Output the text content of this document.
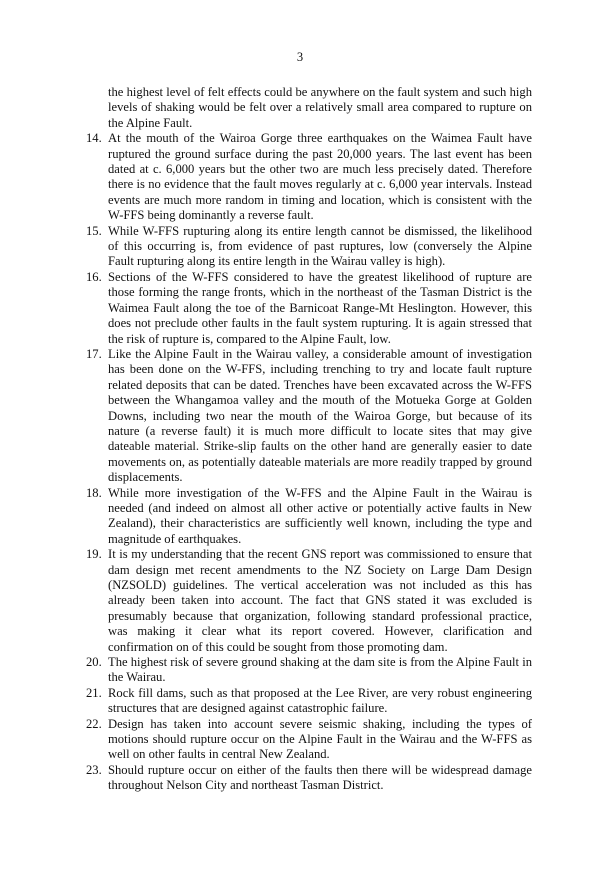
3

the highest level of felt effects could be anywhere on the fault system and such high levels of shaking would be felt over a relatively small area compared to rupture on the Alpine Fault.

14. At the mouth of the Wairoa Gorge three earthquakes on the Waimea Fault have ruptured the ground surface during the past 20,000 years. The last event has been dated at c. 6,000 years but the other two are much less precisely dated. Therefore there is no evidence that the fault moves regularly at c. 6,000 year intervals. Instead events are much more random in timing and location, which is consistent with the W-FFS being dominantly a reverse fault.
15. While W-FFS rupturing along its entire length cannot be dismissed, the likelihood of this occurring is, from evidence of past ruptures, low (conversely the Alpine Fault rupturing along its entire length in the Wairau valley is high).
16. Sections of the W-FFS considered to have the greatest likelihood of rupture are those forming the range fronts, which in the northeast of the Tasman District is the Waimea Fault along the toe of the Barnicoat Range-Mt Heslington. However, this does not preclude other faults in the fault system rupturing. It is again stressed that the risk of rupture is, compared to the Alpine Fault, low.
17. Like the Alpine Fault in the Wairau valley, a considerable amount of investigation has been done on the W-FFS, including trenching to try and locate fault rupture related deposits that can be dated. Trenches have been excavated across the W-FFS between the Whangamoa valley and the mouth of the Motueka Gorge at Golden Downs, including two near the mouth of the Wairoa Gorge, but because of its nature (a reverse fault) it is much more difficult to locate sites that may give dateable material. Strike-slip faults on the other hand are generally easier to date movements on, as potentially dateable materials are more readily trapped by ground displacements.
18. While more investigation of the W-FFS and the Alpine Fault in the Wairau is needed (and indeed on almost all other active or potentially active faults in New Zealand), their characteristics are sufficiently well known, including the type and magnitude of earthquakes.
19. It is my understanding that the recent GNS report was commissioned to ensure that dam design met recent amendments to the NZ Society on Large Dam Design (NZSOLD) guidelines. The vertical acceleration was not included as this has already been taken into account. The fact that GNS stated it was excluded is presumably because that organization, following standard professional practice, was making it clear what its report covered. However, clarification and confirmation on of this could be sought from those promoting dam.
20. The highest risk of severe ground shaking at the dam site is from the Alpine Fault in the Wairau.
21. Rock fill dams, such as that proposed at the Lee River, are very robust engineering structures that are designed against catastrophic failure.
22. Design has taken into account severe seismic shaking, including the types of motions should rupture occur on the Alpine Fault in the Wairau and the W-FFS as well on other faults in central New Zealand.
23. Should rupture occur on either of the faults then there will be widespread damage throughout Nelson City and northeast Tasman District.
